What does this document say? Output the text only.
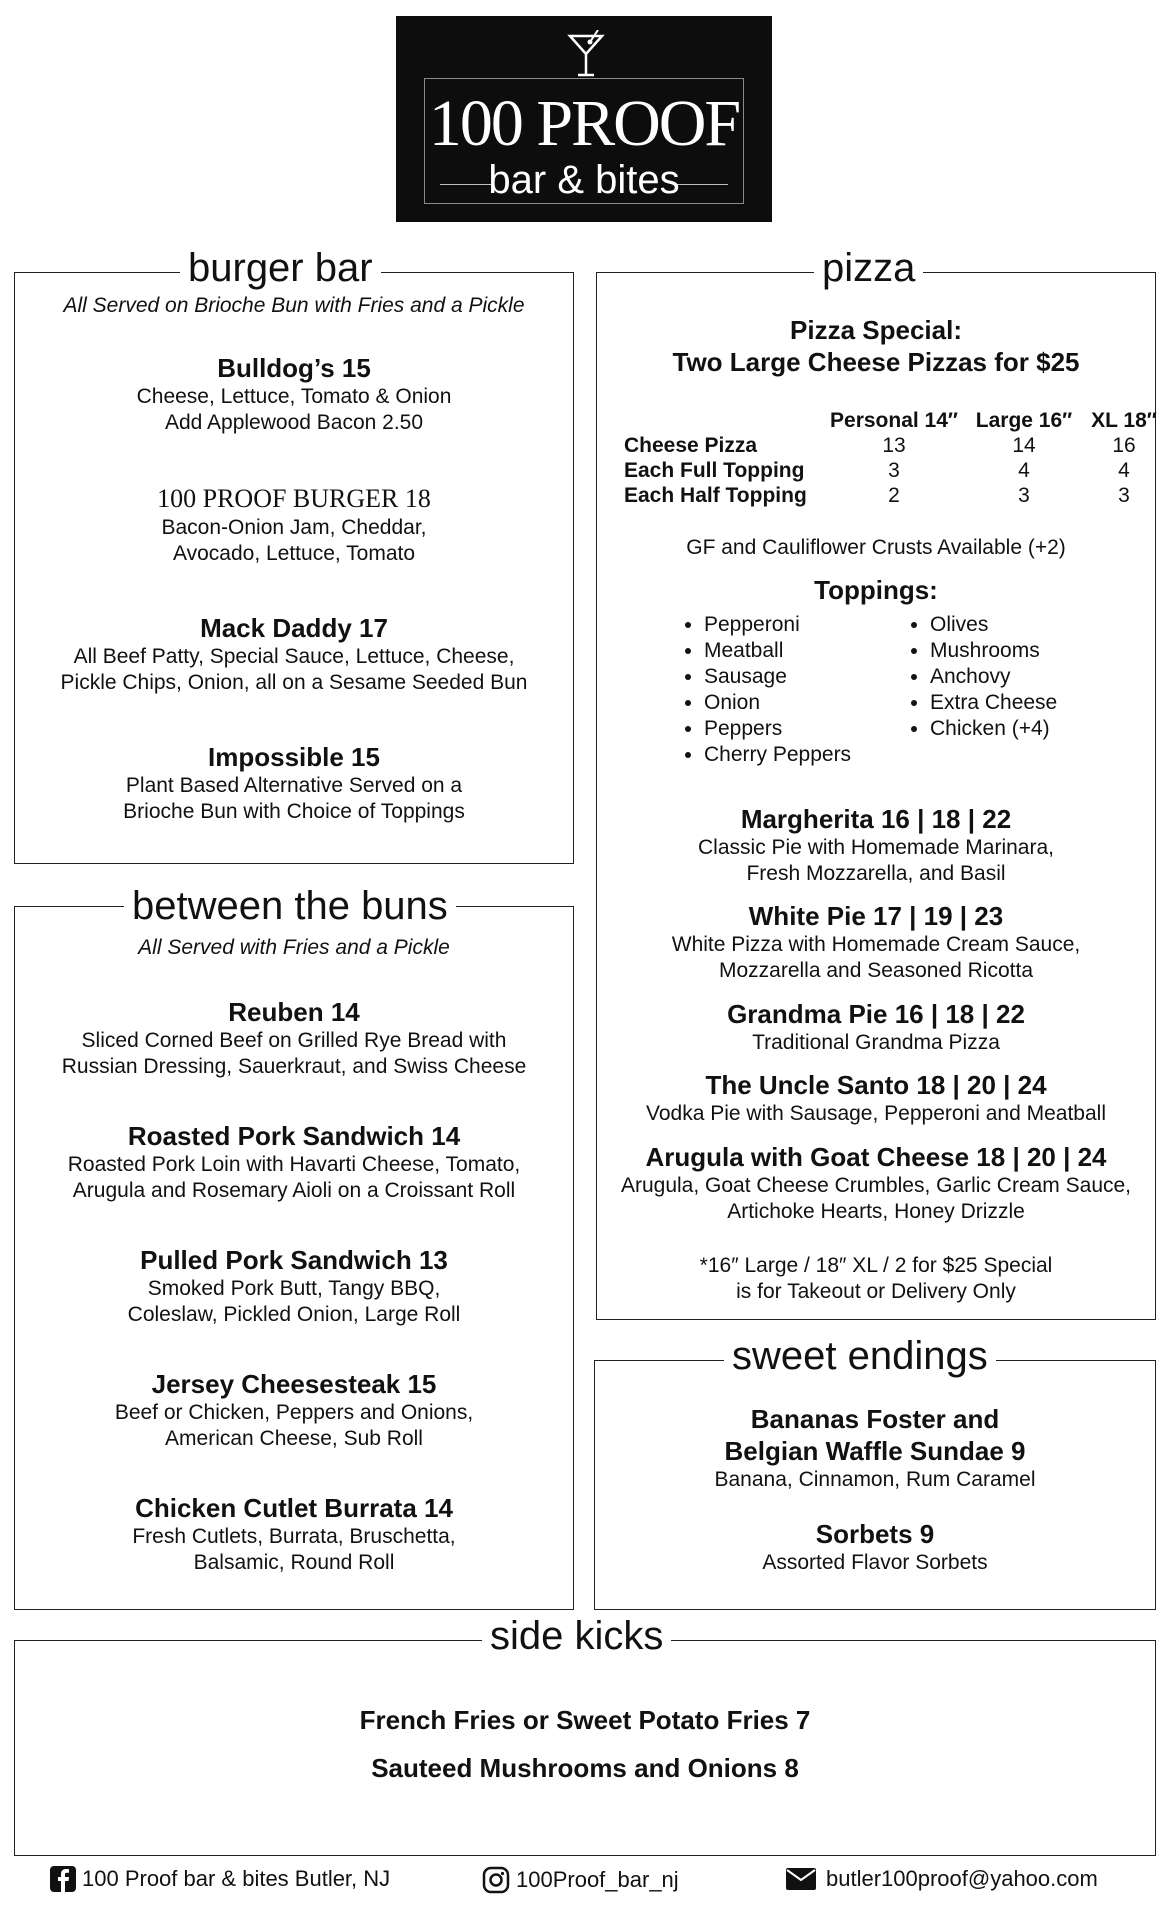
100 PROOF
bar & bites
burger bar
All Served on Brioche Bun with Fries and a Pickle
Bulldog’s 15
Cheese, Lettuce, Tomato & Onion
Add Applewood Bacon 2.50
100 PROOF BURGER 18
Bacon-Onion Jam, Cheddar,
Avocado, Lettuce, Tomato
Mack Daddy 17
All Beef Patty, Special Sauce, Lettuce, Cheese,
Pickle Chips, Onion, all on a Sesame Seeded Bun
Impossible 15
Plant Based Alternative Served on a
Brioche Bun with Choice of Toppings
between the buns
All Served with Fries and a Pickle
Reuben 14
Sliced Corned Beef on Grilled Rye Bread with
Russian Dressing, Sauerkraut, and Swiss Cheese
Roasted Pork Sandwich 14
Roasted Pork Loin with Havarti Cheese, Tomato,
Arugula and Rosemary Aioli on a Croissant Roll
Pulled Pork Sandwich 13
Smoked Pork Butt, Tangy BBQ,
Coleslaw, Pickled Onion, Large Roll
Jersey Cheesesteak 15
Beef or Chicken, Peppers and Onions,
American Cheese, Sub Roll
Chicken Cutlet Burrata 14
Fresh Cutlets, Burrata, Bruschetta,
Balsamic, Round Roll
pizza
Pizza Special:
Two Large Cheese Pizzas for $25
	Personal 14″	Large 16″	XL 18″
Cheese Pizza	13	14	16
Each Full Topping	3	4	4
Each Half Topping	2	3	3
GF and Cauliflower Crusts Available (+2)
Toppings:
• Pepperoni
• Meatball
• Sausage
• Onion
• Peppers
• Cherry Peppers
• Olives
• Mushrooms
• Anchovy
• Extra Cheese
• Chicken (+4)
Margherita 16 | 18 | 22
Classic Pie with Homemade Marinara,
Fresh Mozzarella, and Basil
White Pie 17 | 19 | 23
White Pizza with Homemade Cream Sauce,
Mozzarella and Seasoned Ricotta
Grandma Pie 16 | 18 | 22
Traditional Grandma Pizza
The Uncle Santo 18 | 20 | 24
Vodka Pie with Sausage, Pepperoni and Meatball
Arugula with Goat Cheese 18 | 20 | 24
Arugula, Goat Cheese Crumbles, Garlic Cream Sauce,
Artichoke Hearts, Honey Drizzle
*16″ Large / 18″ XL / 2 for $25 Special
is for Takeout or Delivery Only
sweet endings
Bananas Foster and
Belgian Waffle Sundae 9
Banana, Cinnamon, Rum Caramel
Sorbets 9
Assorted Flavor Sorbets
side kicks
French Fries or Sweet Potato Fries 7
Sauteed Mushrooms and Onions 8
100 Proof bar & bites Butler, NJ	100Proof_bar_nj	butler100proof@yahoo.com
